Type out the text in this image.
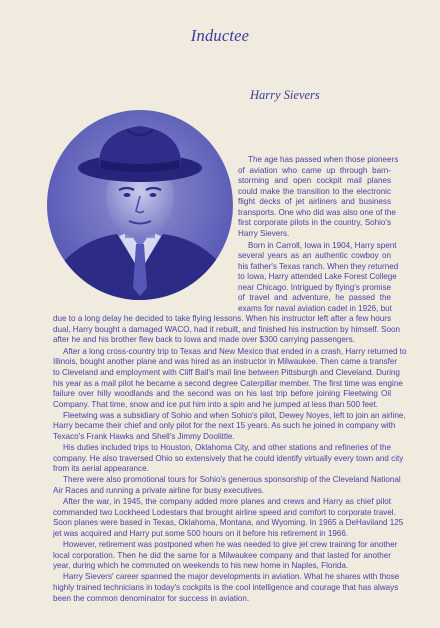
Inductee
Harry Sievers
The age has passed when those pioneers
of aviation who came up through barn-
storming and open cockpit mail planes
could make the transition to the electronic
flight decks of jet airliners and business
transports. One who did was also one of the
first corporate pilots in the country, Sohio's
Harry Sievers.
Born in Carroll, Iowa in 1904, Harry spent
several years as an authentic cowboy on
his father's Texas ranch. When they returned
to Iowa, Harry attended Lake Forest College
near Chicago. Intrigued by flying's promise
of travel and adventure, he passed the
exams for naval aviation cadet in 1926, but
due to a long delay he decided to take flying lessons. When his instructor left after a few hours
dual, Harry bought a damaged WACO, had it rebuilt, and finished his instruction by himself. Soon
after he and his brother flew back to Iowa and made over $300 carrying passengers.
After a long cross-country trip to Texas and New Mexico that ended in a crash, Harry returned to
Illinois, bought another plane and was hired as an instructor in Milwaukee. Then came a transfer
to Cleveland and employment with Cliff Ball's mail line between Pittsburgh and Cleveland. During
his year as a mail pilot he became a second degree Caterpillar member. The first time was engine
failure over hilly woodlands and the second was on his last trip before joining Fleetwing Oil
Company. That time, snow and ice put him into a spin and he jumped at less than 500 feet.
Fleetwing was a subsidiary of Sohio and when Sohio's pilot, Dewey Noyes, left to join an airline,
Harry became their chief and only pilot for the next 15 years. As such he joined in company with
Texaco's Frank Hawks and Shell's Jimmy Doolittle.
His duties included trips to Houston, Oklahoma City, and other stations and refineries of the
company. He also traversed Ohio so extensively that he could identify virtually every town and city
from its aerial appearance.
There were also promotional tours for Sohio's generous sponsorship of the Cleveland National
Air Races and running a private airline for busy executives.
After the war, in 1945, the company added more planes and crews and Harry as chief pilot
commanded two Lockheed Lodestars that brought airline speed and comfort to corporate travel.
Soon planes were based in Texas, Oklahoma, Montana, and Wyoming. In 1965 a DeHaviland 125
jet was acquired and Harry put some 500 hours on it before his retirement in 1966.
However, retirement was postponed when he was needed to give jet crew training for another
local corporation. Then he did the same for a Milwaukee company and that lasted for another
year, during which he commuted on weekends to his new home in Naples, Florida.
Harry Sievers' career spanned the major developments in aviation. What he shares with those
highly trained technicians in today's cockpits is the cool intelligence and courage that has always
been the common denominator for success in aviation.
